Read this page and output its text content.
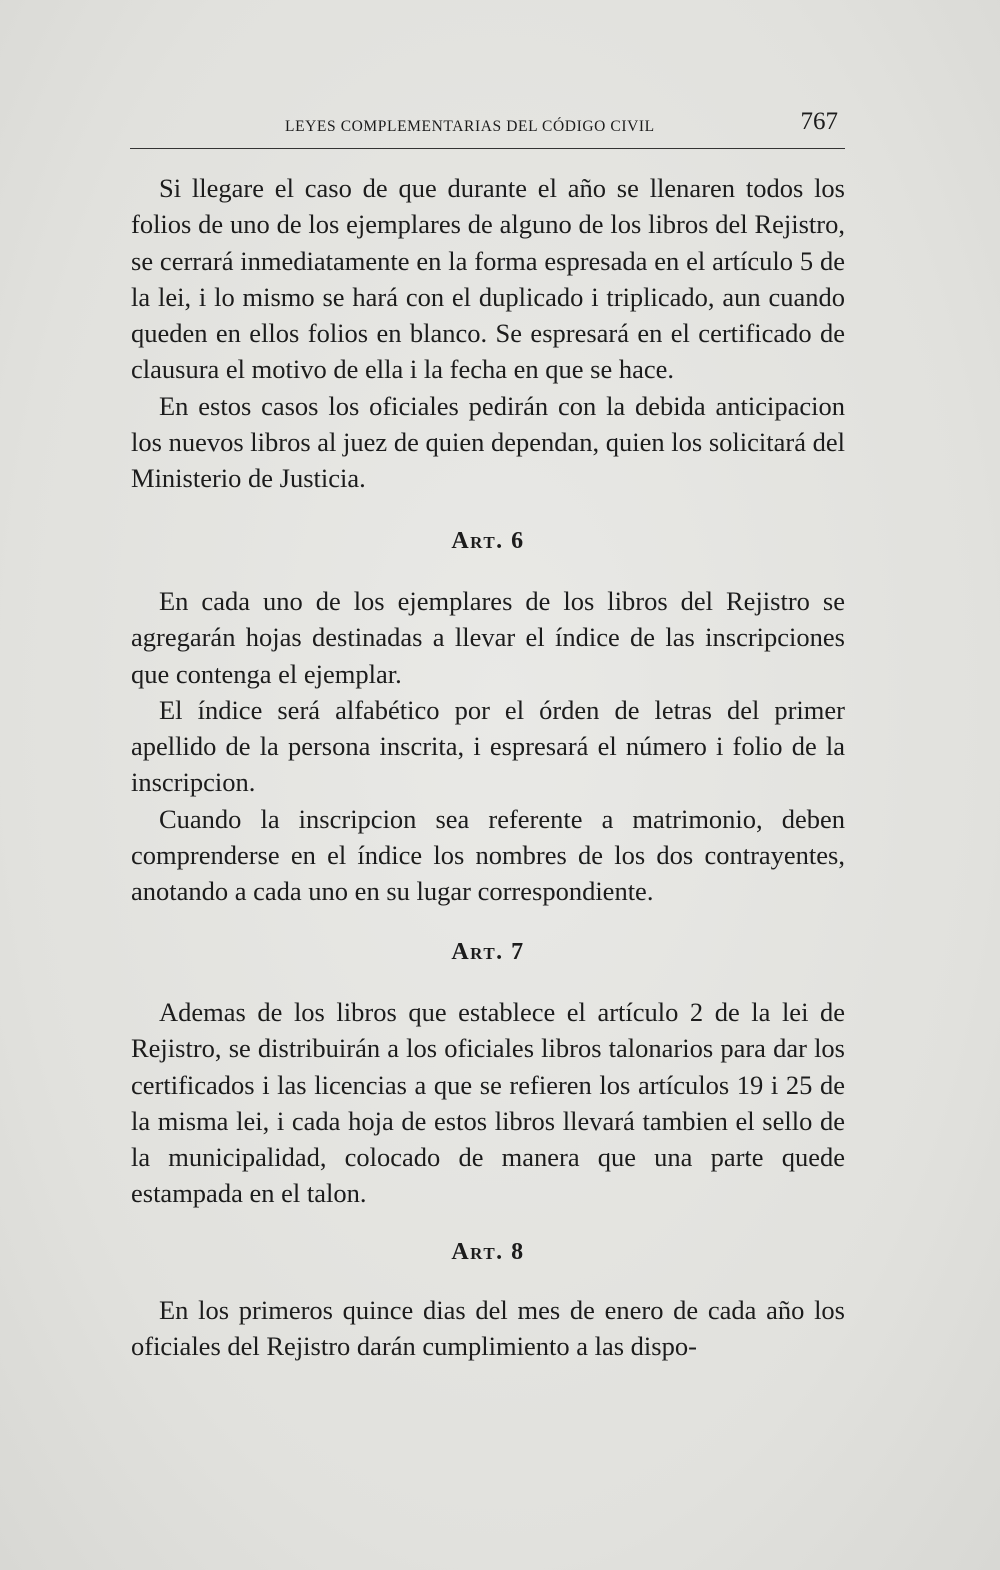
LEYES COMPLEMENTARIAS DEL CÓDIGO CIVIL	767

Si llegare el caso de que durante el año se llenaren todos los folios de uno de los ejemplares de alguno de los libros del Rejistro, se cerrará inmediatamente en la forma espresada en el artículo 5 de la lei, i lo mismo se hará con el duplicado i triplicado, aun cuando queden en ellos folios en blanco. Se espresará en el certificado de clausura el motivo de ella i la fecha en que se hace.

En estos casos los oficiales pedirán con la debida anticipacion los nuevos libros al juez de quien dependan, quien los solicitará del Ministerio de Justicia.

Art. 6

En cada uno de los ejemplares de los libros del Rejistro se agregarán hojas destinadas a llevar el índice de las inscripciones que contenga el ejemplar.

El índice será alfabético por el órden de letras del primer apellido de la persona inscrita, i espresará el número i folio de la inscripcion.

Cuando la inscripcion sea referente a matrimonio, deben comprenderse en el índice los nombres de los dos contrayentes, anotando a cada uno en su lugar correspondiente.

Art. 7

Ademas de los libros que establece el artículo 2 de la lei de Rejistro, se distribuirán a los oficiales libros talonarios para dar los certificados i las licencias a que se refieren los artículos 19 i 25 de la misma lei, i cada hoja de estos libros llevará tambien el sello de la municipalidad, colocado de manera que una parte quede estampada en el talon.

Art. 8

En los primeros quince dias del mes de enero de cada año los oficiales del Rejistro darán cumplimiento a las dispo-
